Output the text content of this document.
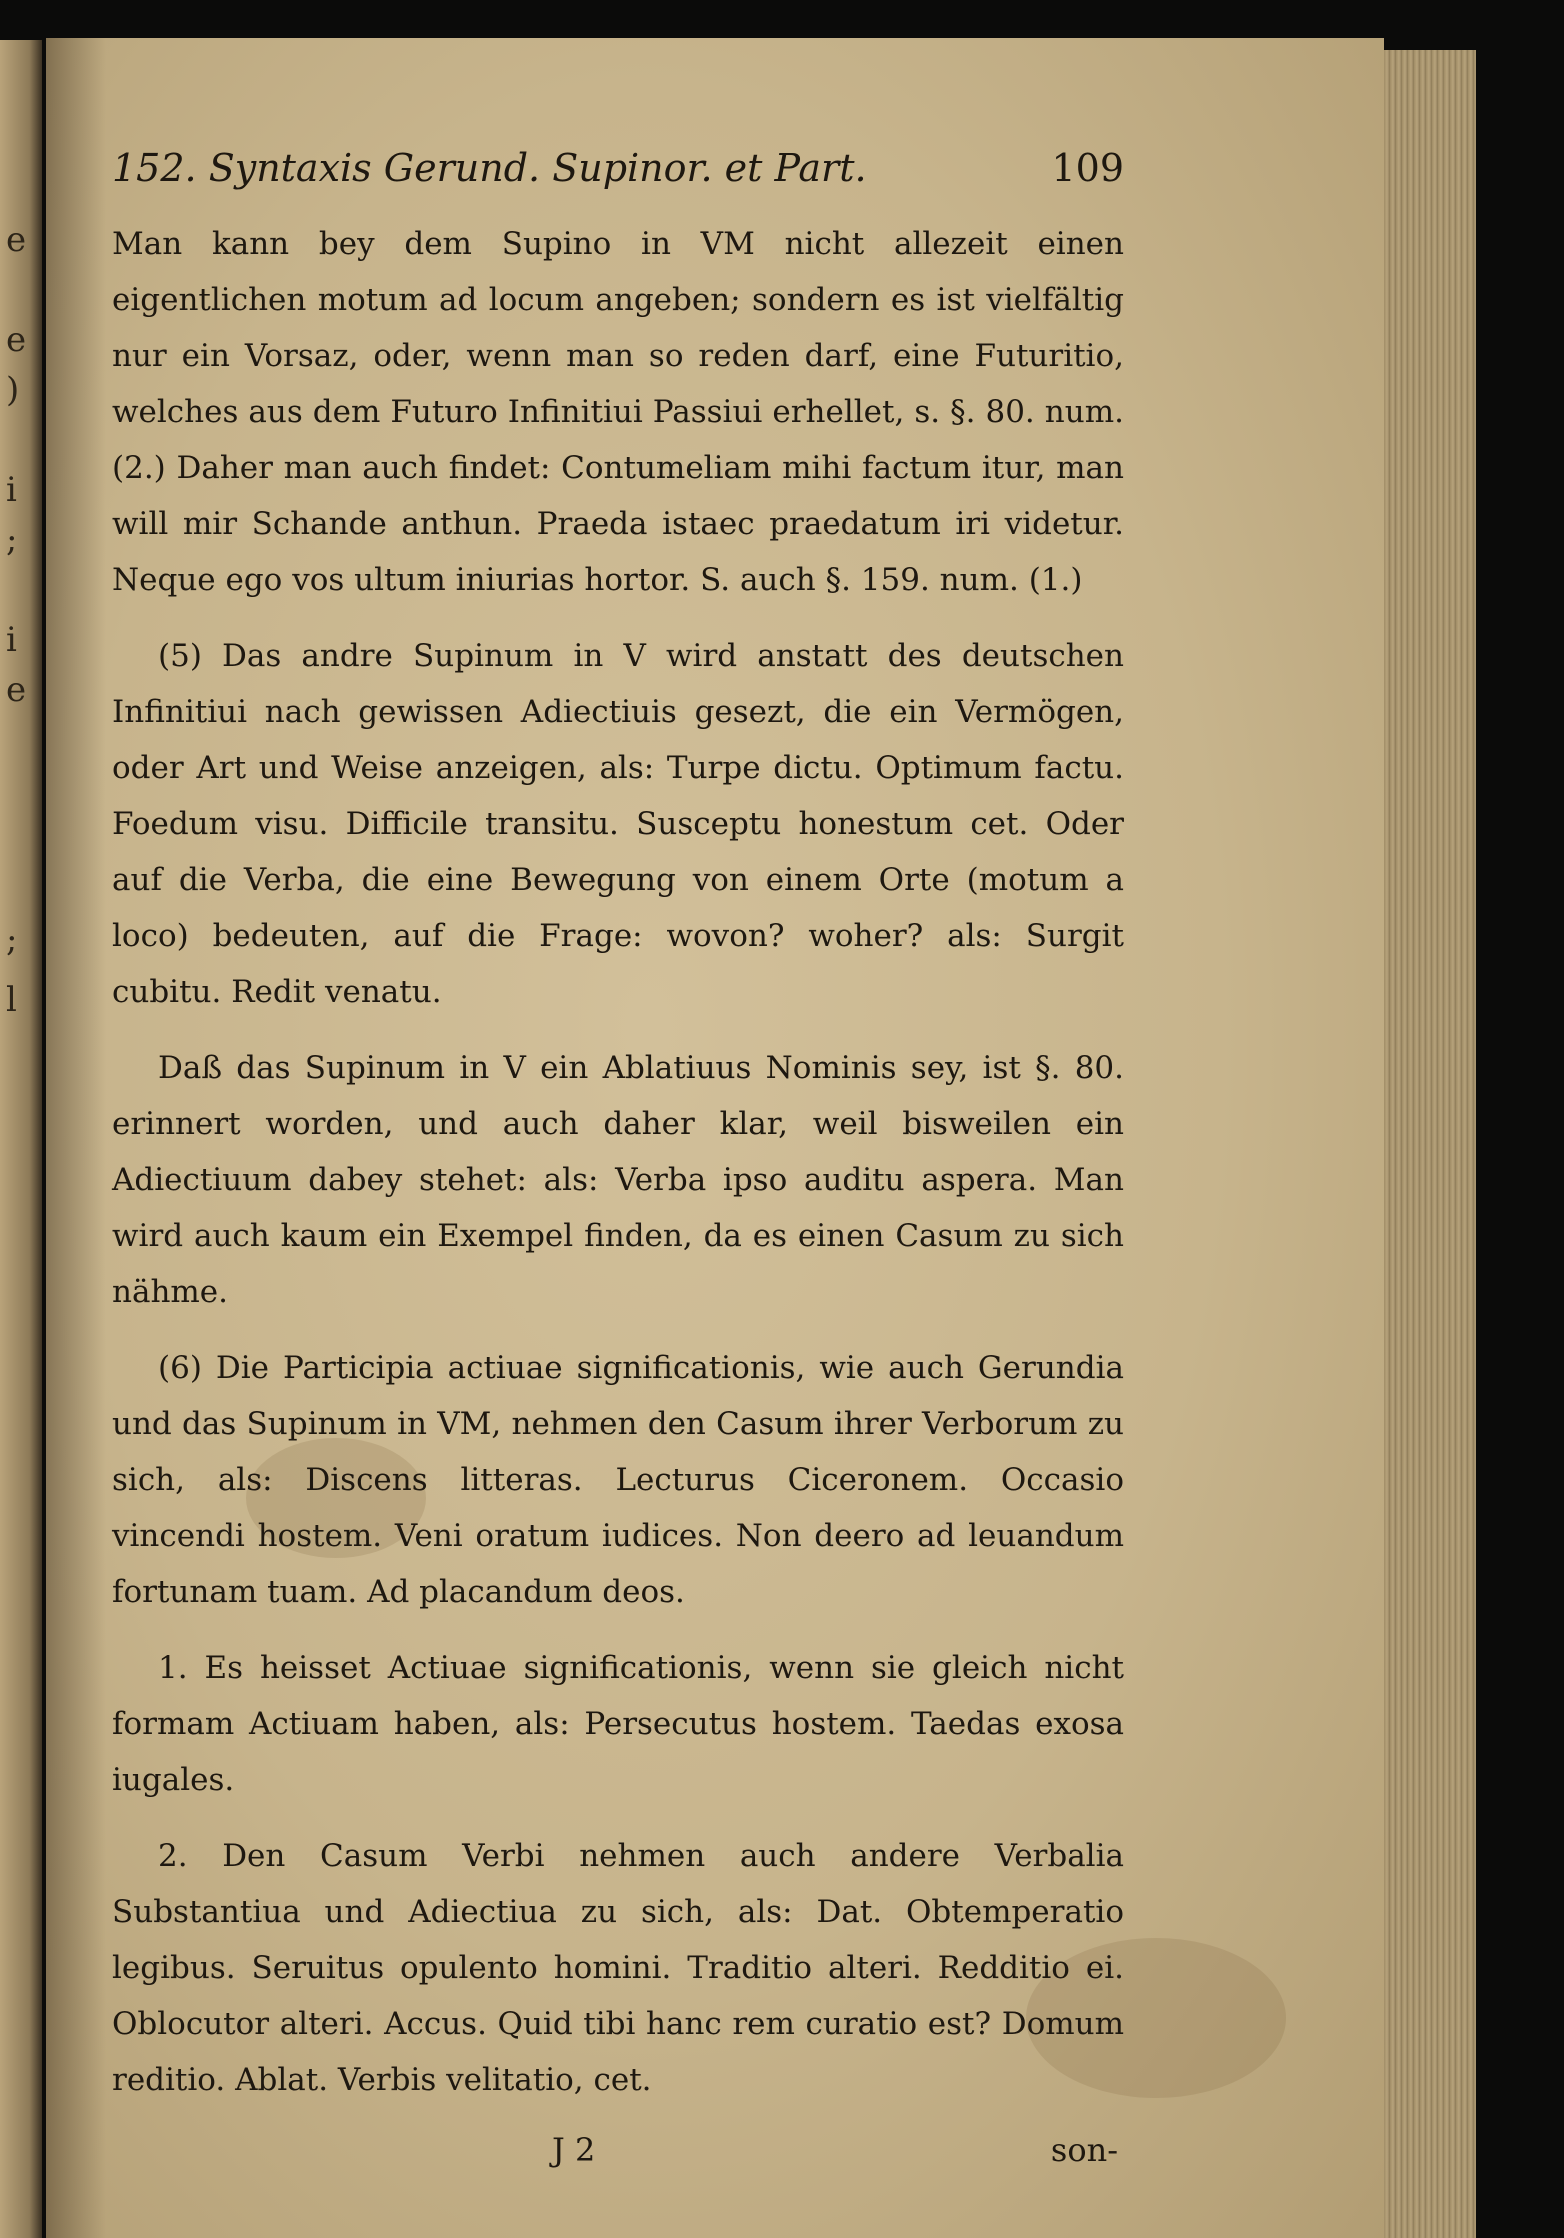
e
e
)
i
;
i
e
;
l
152. Syntaxis Gerund. Supinor. et Part.	109

Man kann bey dem Supino in VM nicht allezeit einen eigentlichen motum ad locum angeben; sondern es ist vielfältig nur ein Vorsaz, oder, wenn man so reden darf, eine Futuritio, welches aus dem Futuro Infinitiui Passiui erhellet, s. §. 80. num. (2.) Daher man auch findet: Contumeliam mihi factum itur, man will mir Schande anthun. Praeda istaec praedatum iri videtur. Neque ego vos ultum iniurias hortor. S. auch §. 159. num. (1.)

(5) Das andre Supinum in V wird anstatt des deutschen Infinitiui nach gewissen Adiectiuis gesezt, die ein Vermögen, oder Art und Weise anzeigen, als: Turpe dictu. Optimum factu. Foedum visu. Difficile transitu. Susceptu honestum cet. Oder auf die Verba, die eine Bewegung von einem Orte (motum a loco) bedeuten, auf die Frage: wovon? woher? als: Surgit cubitu. Redit venatu.

Daß das Supinum in V ein Ablatiuus Nominis sey, ist §. 80. erinnert worden, und auch daher klar, weil bisweilen ein Adiectiuum dabey stehet: als: Verba ipso auditu aspera. Man wird auch kaum ein Exempel finden, da es einen Casum zu sich nähme.

(6) Die Participia actiuae significationis, wie auch Gerundia und das Supinum in VM, nehmen den Casum ihrer Verborum zu sich, als: Discens litteras. Lecturus Ciceronem. Occasio vincendi hostem. Veni oratum iudices. Non deero ad leuandum fortunam tuam. Ad placandum deos.

1. Es heisset Actiuae significationis, wenn sie gleich nicht formam Actiuam haben, als: Persecutus hostem. Taedas exosa iugales.

2. Den Casum Verbi nehmen auch andere Verbalia Substantiua und Adiectiua zu sich, als: Dat. Obtemperatio legibus. Seruitus opulento homini. Traditio alteri. Redditio ei. Oblocutor alteri. Accus. Quid tibi hanc rem curatio est? Domum reditio. Ablat. Verbis velitatio, cet.

J 2	son-
